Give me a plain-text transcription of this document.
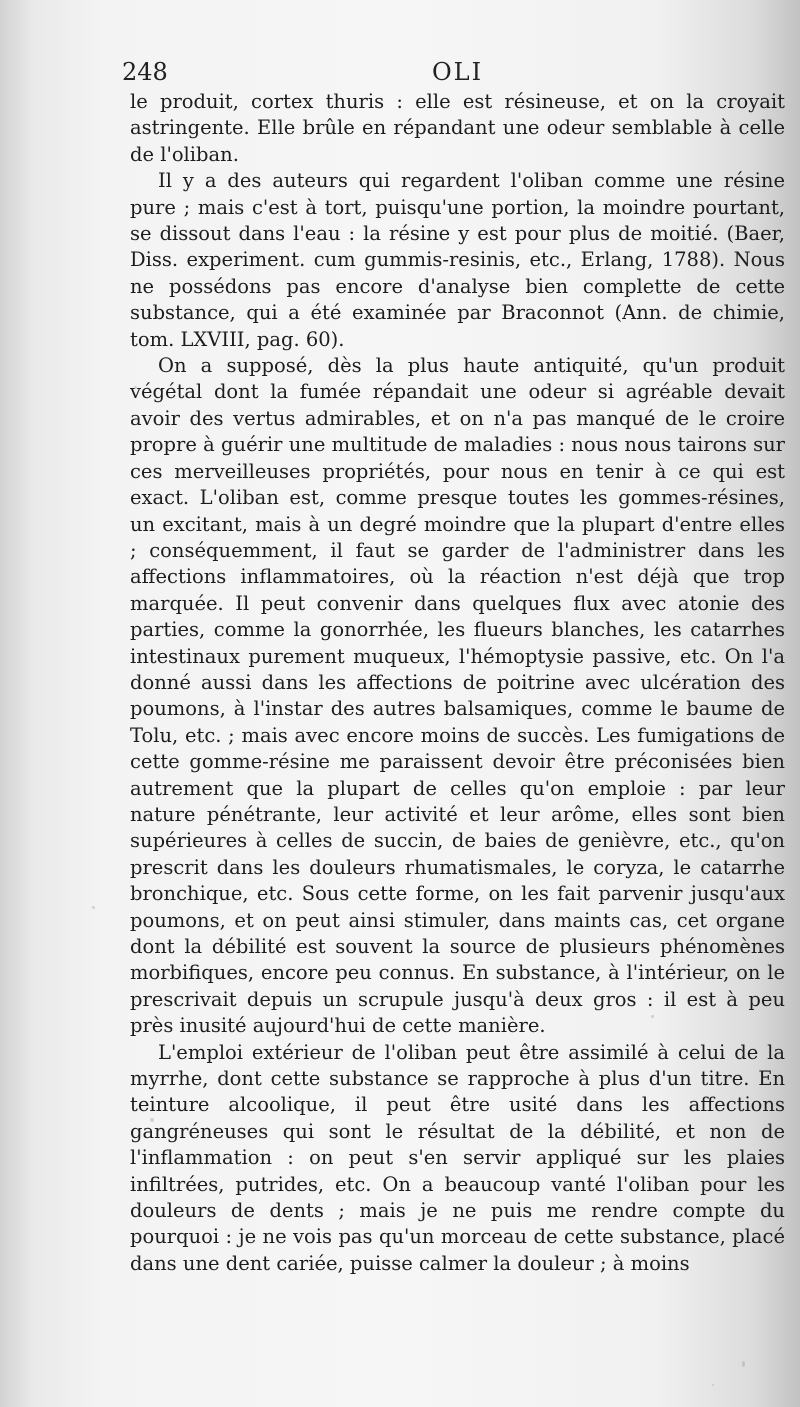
248	OLI

le produit, cortex thuris : elle est résineuse, et on la croyait astringente. Elle brûle en répandant une odeur semblable à celle de l'oliban.

Il y a des auteurs qui regardent l'oliban comme une résine pure ; mais c'est à tort, puisqu'une portion, la moindre pourtant, se dissout dans l'eau : la résine y est pour plus de moitié. (Baer, Diss. experiment. cum gummis-resinis, etc., Erlang, 1788). Nous ne possédons pas encore d'analyse bien complette de cette substance, qui a été examinée par Braconnot (Ann. de chimie, tom. LXVIII, pag. 60).

On a supposé, dès la plus haute antiquité, qu'un produit végétal dont la fumée répandait une odeur si agréable devait avoir des vertus admirables, et on n'a pas manqué de le croire propre à guérir une multitude de maladies : nous nous tairons sur ces merveilleuses propriétés, pour nous en tenir à ce qui est exact. L'oliban est, comme presque toutes les gommes-résines, un excitant, mais à un degré moindre que la plupart d'entre elles ; conséquemment, il faut se garder de l'administrer dans les affections inflammatoires, où la réaction n'est déjà que trop marquée. Il peut convenir dans quelques flux avec atonie des parties, comme la gonorrhée, les flueurs blanches, les catarrhes intestinaux purement muqueux, l'hémoptysie passive, etc. On l'a donné aussi dans les affections de poitrine avec ulcération des poumons, à l'instar des autres balsamiques, comme le baume de Tolu, etc. ; mais avec encore moins de succès. Les fumigations de cette gomme-résine me paraissent devoir être préconisées bien autrement que la plupart de celles qu'on emploie : par leur nature pénétrante, leur activité et leur arôme, elles sont bien supérieures à celles de succin, de baies de genièvre, etc., qu'on prescrit dans les douleurs rhumatismales, le coryza, le catarrhe bronchique, etc. Sous cette forme, on les fait parvenir jusqu'aux poumons, et on peut ainsi stimuler, dans maints cas, cet organe dont la débilité est souvent la source de plusieurs phénomènes morbifiques, encore peu connus. En substance, à l'intérieur, on le prescrivait depuis un scrupule jusqu'à deux gros : il est à peu près inusité aujourd'hui de cette manière.

L'emploi extérieur de l'oliban peut être assimilé à celui de la myrrhe, dont cette substance se rapproche à plus d'un titre. En teinture alcoolique, il peut être usité dans les affections gangréneuses qui sont le résultat de la débilité, et non de l'inflammation : on peut s'en servir appliqué sur les plaies infiltrées, putrides, etc. On a beaucoup vanté l'oliban pour les douleurs de dents ; mais je ne puis me rendre compte du pourquoi : je ne vois pas qu'un morceau de cette substance, placé dans une dent cariée, puisse calmer la douleur ; à moins
